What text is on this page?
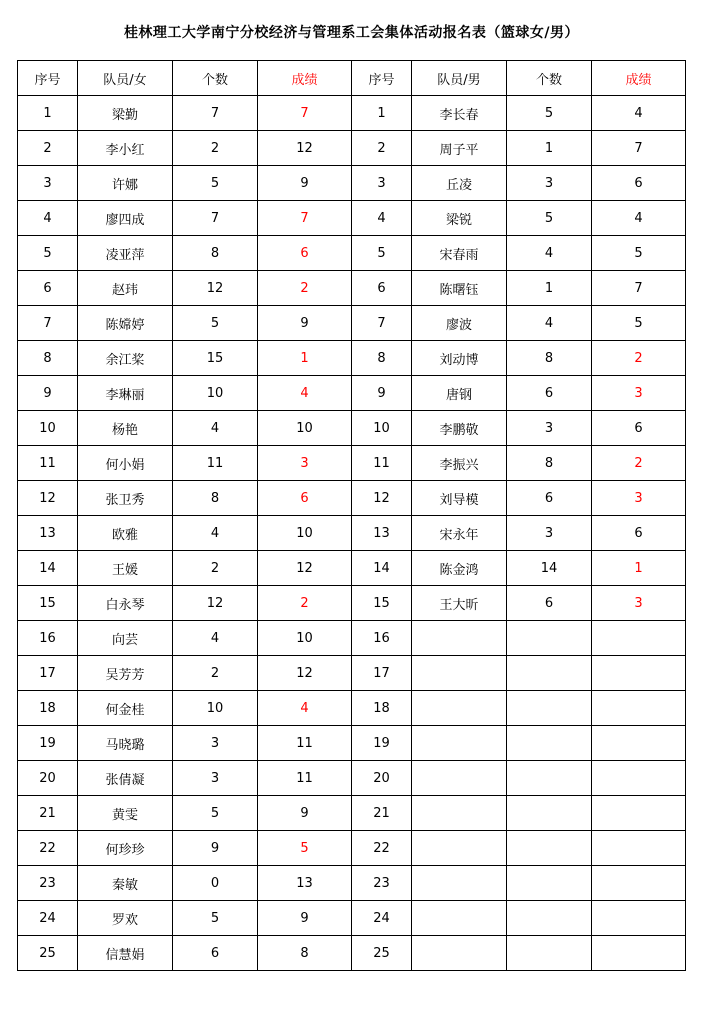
桂林理工大学南宁分校经济与管理系工会集体活动报名表（篮球女/男）
序号	队员/女	个数	成绩	序号	队员/男	个数	成绩
1	梁勤	7	7	1	李长春	5	4
2	李小红	2	12	2	周子平	1	7
3	许娜	5	9	3	丘凌	3	6
4	廖四成	7	7	4	梁锐	5	4
5	凌亚萍	8	6	5	宋春雨	4	5
6	赵玮	12	2	6	陈曙钰	1	7
7	陈嫦婷	5	9	7	廖波	4	5
8	余江桨	15	1	8	刘动博	8	2
9	李琳丽	10	4	9	唐钢	6	3
10	杨艳	4	10	10	李鹏敬	3	6
11	何小娟	11	3	11	李振兴	8	2
12	张卫秀	8	6	12	刘导模	6	3
13	欧雅	4	10	13	宋永年	3	6
14	王媛	2	12	14	陈金鸿	14	1
15	白永琴	12	2	15	王大昕	6	3
16	向芸	4	10	16			
17	吴芳芳	2	12	17			
18	何金桂	10	4	18			
19	马晓璐	3	11	19			
20	张倩凝	3	11	20			
21	黄雯	5	9	21			
22	何珍珍	9	5	22			
23	秦敏	0	13	23			
24	罗欢	5	9	24			
25	信慧娟	6	8	25			
